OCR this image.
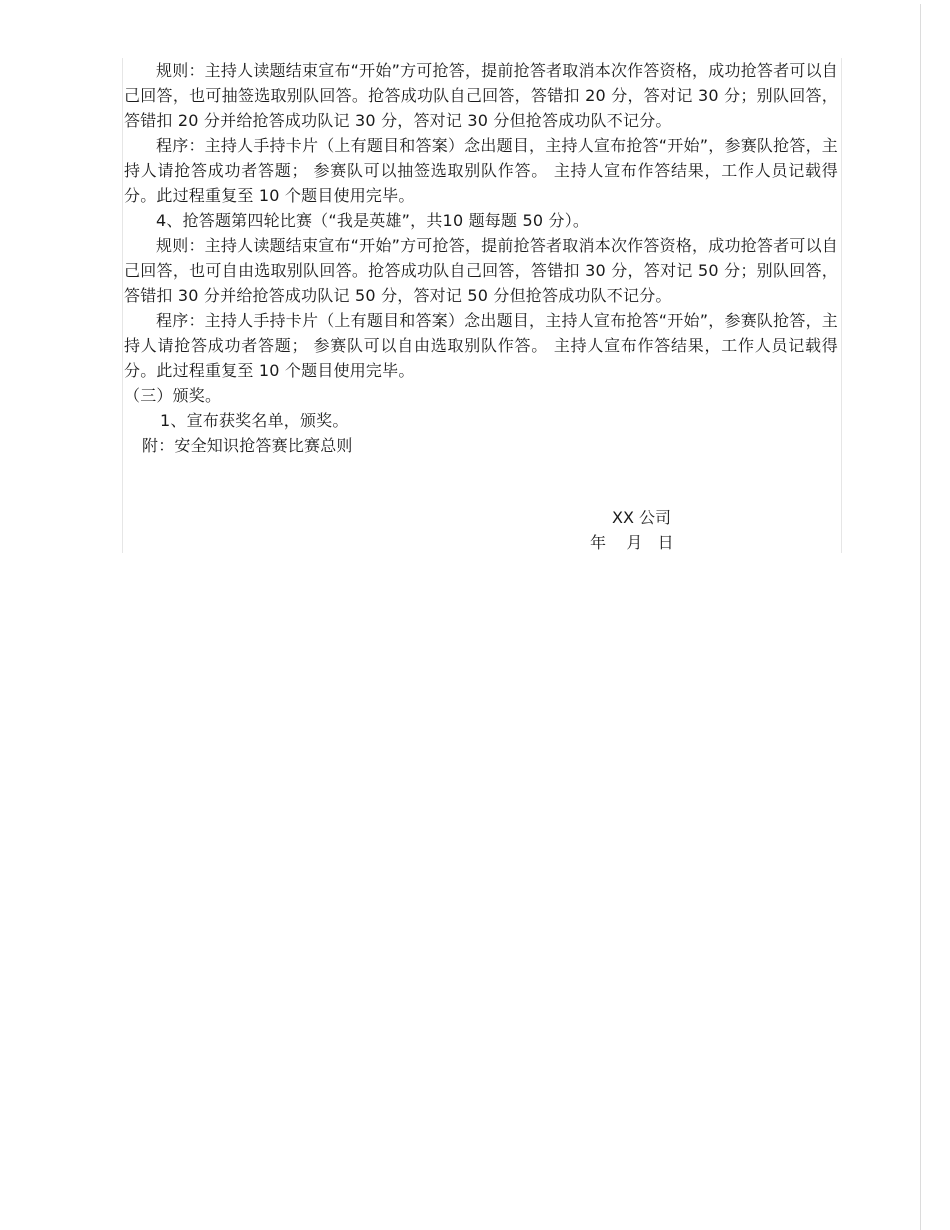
规则：主持人读题结束宣布“开始”方可抢答，提前抢答者取消本次作答资格，成功抢答者可以自己回答，也可抽签选取别队回答。抢答成功队自己回答，答错扣 20 分，答对记 30 分；别队回答，答错扣 20 分并给抢答成功队记 30 分，答对记 30 分但抢答成功队不记分。

程序：主持人手持卡片（上有题目和答案）念出题目，主持人宣布抢答“开始”，参赛队抢答，主持人请抢答成功者答题； 参赛队可以抽签选取别队作答。 主持人宣布作答结果，工作人员记载得分。此过程重复至 10 个题目使用完毕。

4、抢答题第四轮比赛（“我是英雄”，共10 题每题 50 分）。

规则：主持人读题结束宣布“开始”方可抢答，提前抢答者取消本次作答资格，成功抢答者可以自己回答，也可自由选取别队回答。抢答成功队自己回答，答错扣 30 分，答对记 50 分；别队回答，答错扣 30 分并给抢答成功队记 50 分，答对记 50 分但抢答成功队不记分。

程序：主持人手持卡片（上有题目和答案）念出题目，主持人宣布抢答“开始”，参赛队抢答，主持人请抢答成功者答题； 参赛队可以自由选取别队作答。 主持人宣布作答结果，工作人员记载得分。此过程重复至 10 个题目使用完毕。

（三）颁奖。

1、宣布获奖名单，颁奖。

附：安全知识抢答赛比赛总则

XX 公司
年    月   日
